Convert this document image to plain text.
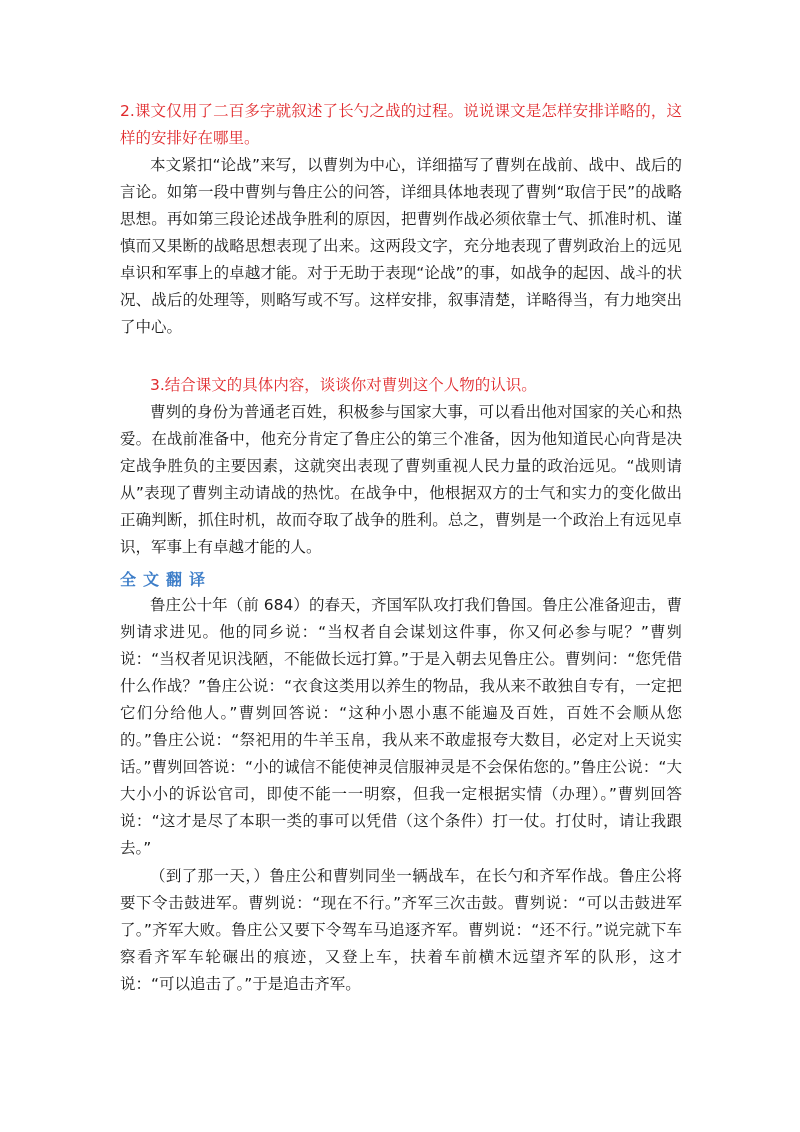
2.课文仅用了二百多字就叙述了长勺之战的过程。说说课文是怎样安排详略的，这样的安排好在哪里。

本文紧扣“论战”来写，以曹刿为中心，详细描写了曹刿在战前、战中、战后的言论。如第一段中曹刿与鲁庄公的问答，详细具体地表现了曹刿“取信于民”的战略思想。再如第三段论述战争胜利的原因，把曹刿作战必须依靠士气、抓准时机、谨慎而又果断的战略思想表现了出来。这两段文字，充分地表现了曹刿政治上的远见卓识和军事上的卓越才能。对于无助于表现“论战”的事，如战争的起因、战斗的状况、战后的处理等，则略写或不写。这样安排，叙事清楚，详略得当，有力地突出了中心。

3.结合课文的具体内容，谈谈你对曹刿这个人物的认识。

曹刿的身份为普通老百姓，积极参与国家大事，可以看出他对国家的关心和热爱。在战前准备中，他充分肯定了鲁庄公的第三个准备，因为他知道民心向背是决定战争胜负的主要因素，这就突出表现了曹刿重视人民力量的政治远见。“战则请从”表现了曹刿主动请战的热忱。在战争中，他根据双方的士气和实力的变化做出正确判断，抓住时机，故而夺取了战争的胜利。总之，曹刿是一个政治上有远见卓识，军事上有卓越才能的人。

全文翻译

鲁庄公十年（前 684）的春天，齐国军队攻打我们鲁国。鲁庄公准备迎击，曹刿请求进见。他的同乡说：“当权者自会谋划这件事，你又何必参与呢？”曹刿说：“当权者见识浅陋，不能做长远打算。”于是入朝去见鲁庄公。曹刿问：“您凭借什么作战？”鲁庄公说：“衣食这类用以养生的物品，我从来不敢独自专有，一定把它们分给他人。”曹刿回答说：“这种小恩小惠不能遍及百姓，百姓不会顺从您的。”鲁庄公说：“祭祀用的牛羊玉帛，我从来不敢虚报夸大数目，必定对上天说实话。”曹刿回答说：“小的诚信不能使神灵信服神灵是不会保佑您的。”鲁庄公说：“大大小小的诉讼官司，即使不能一一明察，但我一定根据实情（办理）。”曹刿回答说：“这才是尽了本职一类的事可以凭借（这个条件）打一仗。打仗时，请让我跟去。”

（到了那一天，）鲁庄公和曹刿同坐一辆战车，在长勺和齐军作战。鲁庄公将要下令击鼓进军。曹刿说：“现在不行。”齐军三次击鼓。曹刿说：“可以击鼓进军了。”齐军大败。鲁庄公又要下令驾车马追逐齐军。曹刿说：“还不行。”说完就下车察看齐军车轮碾出的痕迹，又登上车，扶着车前横木远望齐军的队形，这才说：“可以追击了。”于是追击齐军。
